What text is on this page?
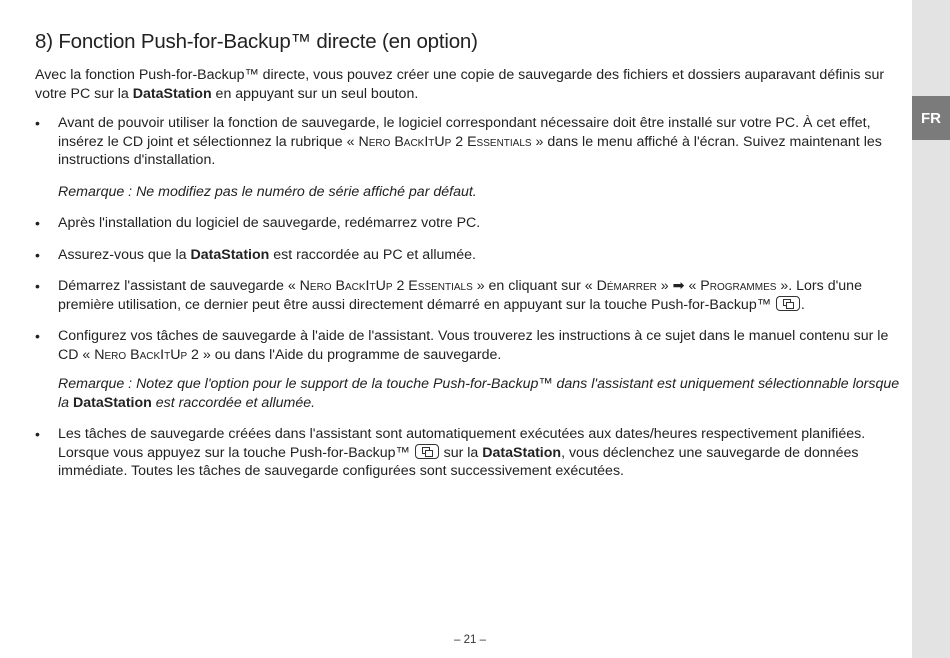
FR
8) Fonction Push-for-Backup™ directe (en option)

Avec la fonction Push-for-Backup™ directe, vous pouvez créer une copie de sauvegarde des fichiers et dossiers auparavant définis sur votre PC sur la DataStation en appuyant sur un seul bouton.

• Avant de pouvoir utiliser la fonction de sauvegarde, le logiciel correspondant nécessaire doit être installé sur votre PC. À cet effet, insérez le CD joint et sélectionnez la rubrique « Nero BackItUp 2 Essentials » dans le menu affiché à l'écran. Suivez maintenant les instructions d'installation.

Remarque : Ne modifiez pas le numéro de série affiché par défaut.

• Après l'installation du logiciel de sauvegarde, redémarrez votre PC.

• Assurez-vous que la DataStation est raccordée au PC et allumée.

• Démarrez l'assistant de sauvegarde « Nero BackItUp 2 Essentials » en cliquant sur « Démarrer » ➡ « Programmes ». Lors d'une première utilisation, ce dernier peut être aussi directement démarré en appuyant sur la touche Push-for-Backup™ .

• Configurez vos tâches de sauvegarde à l'aide de l'assistant. Vous trouverez les instructions à ce sujet dans le manuel contenu sur le CD « Nero BackItUp 2 » ou dans l'Aide du programme de sauvegarde.

Remarque : Notez que l'option pour le support de la touche Push-for-Backup™ dans l'assistant est uniquement sélectionnable lorsque la DataStation est raccordée et allumée.

• Les tâches de sauvegarde créées dans l'assistant sont automatiquement exécutées aux dates/heures respectivement planifiées. Lorsque vous appuyez sur la touche Push-for-Backup™  sur la DataStation, vous déclenchez une sauvegarde de données immédiate. Toutes les tâches de sauvegarde configurées sont successivement exécutées.

– 21 –
